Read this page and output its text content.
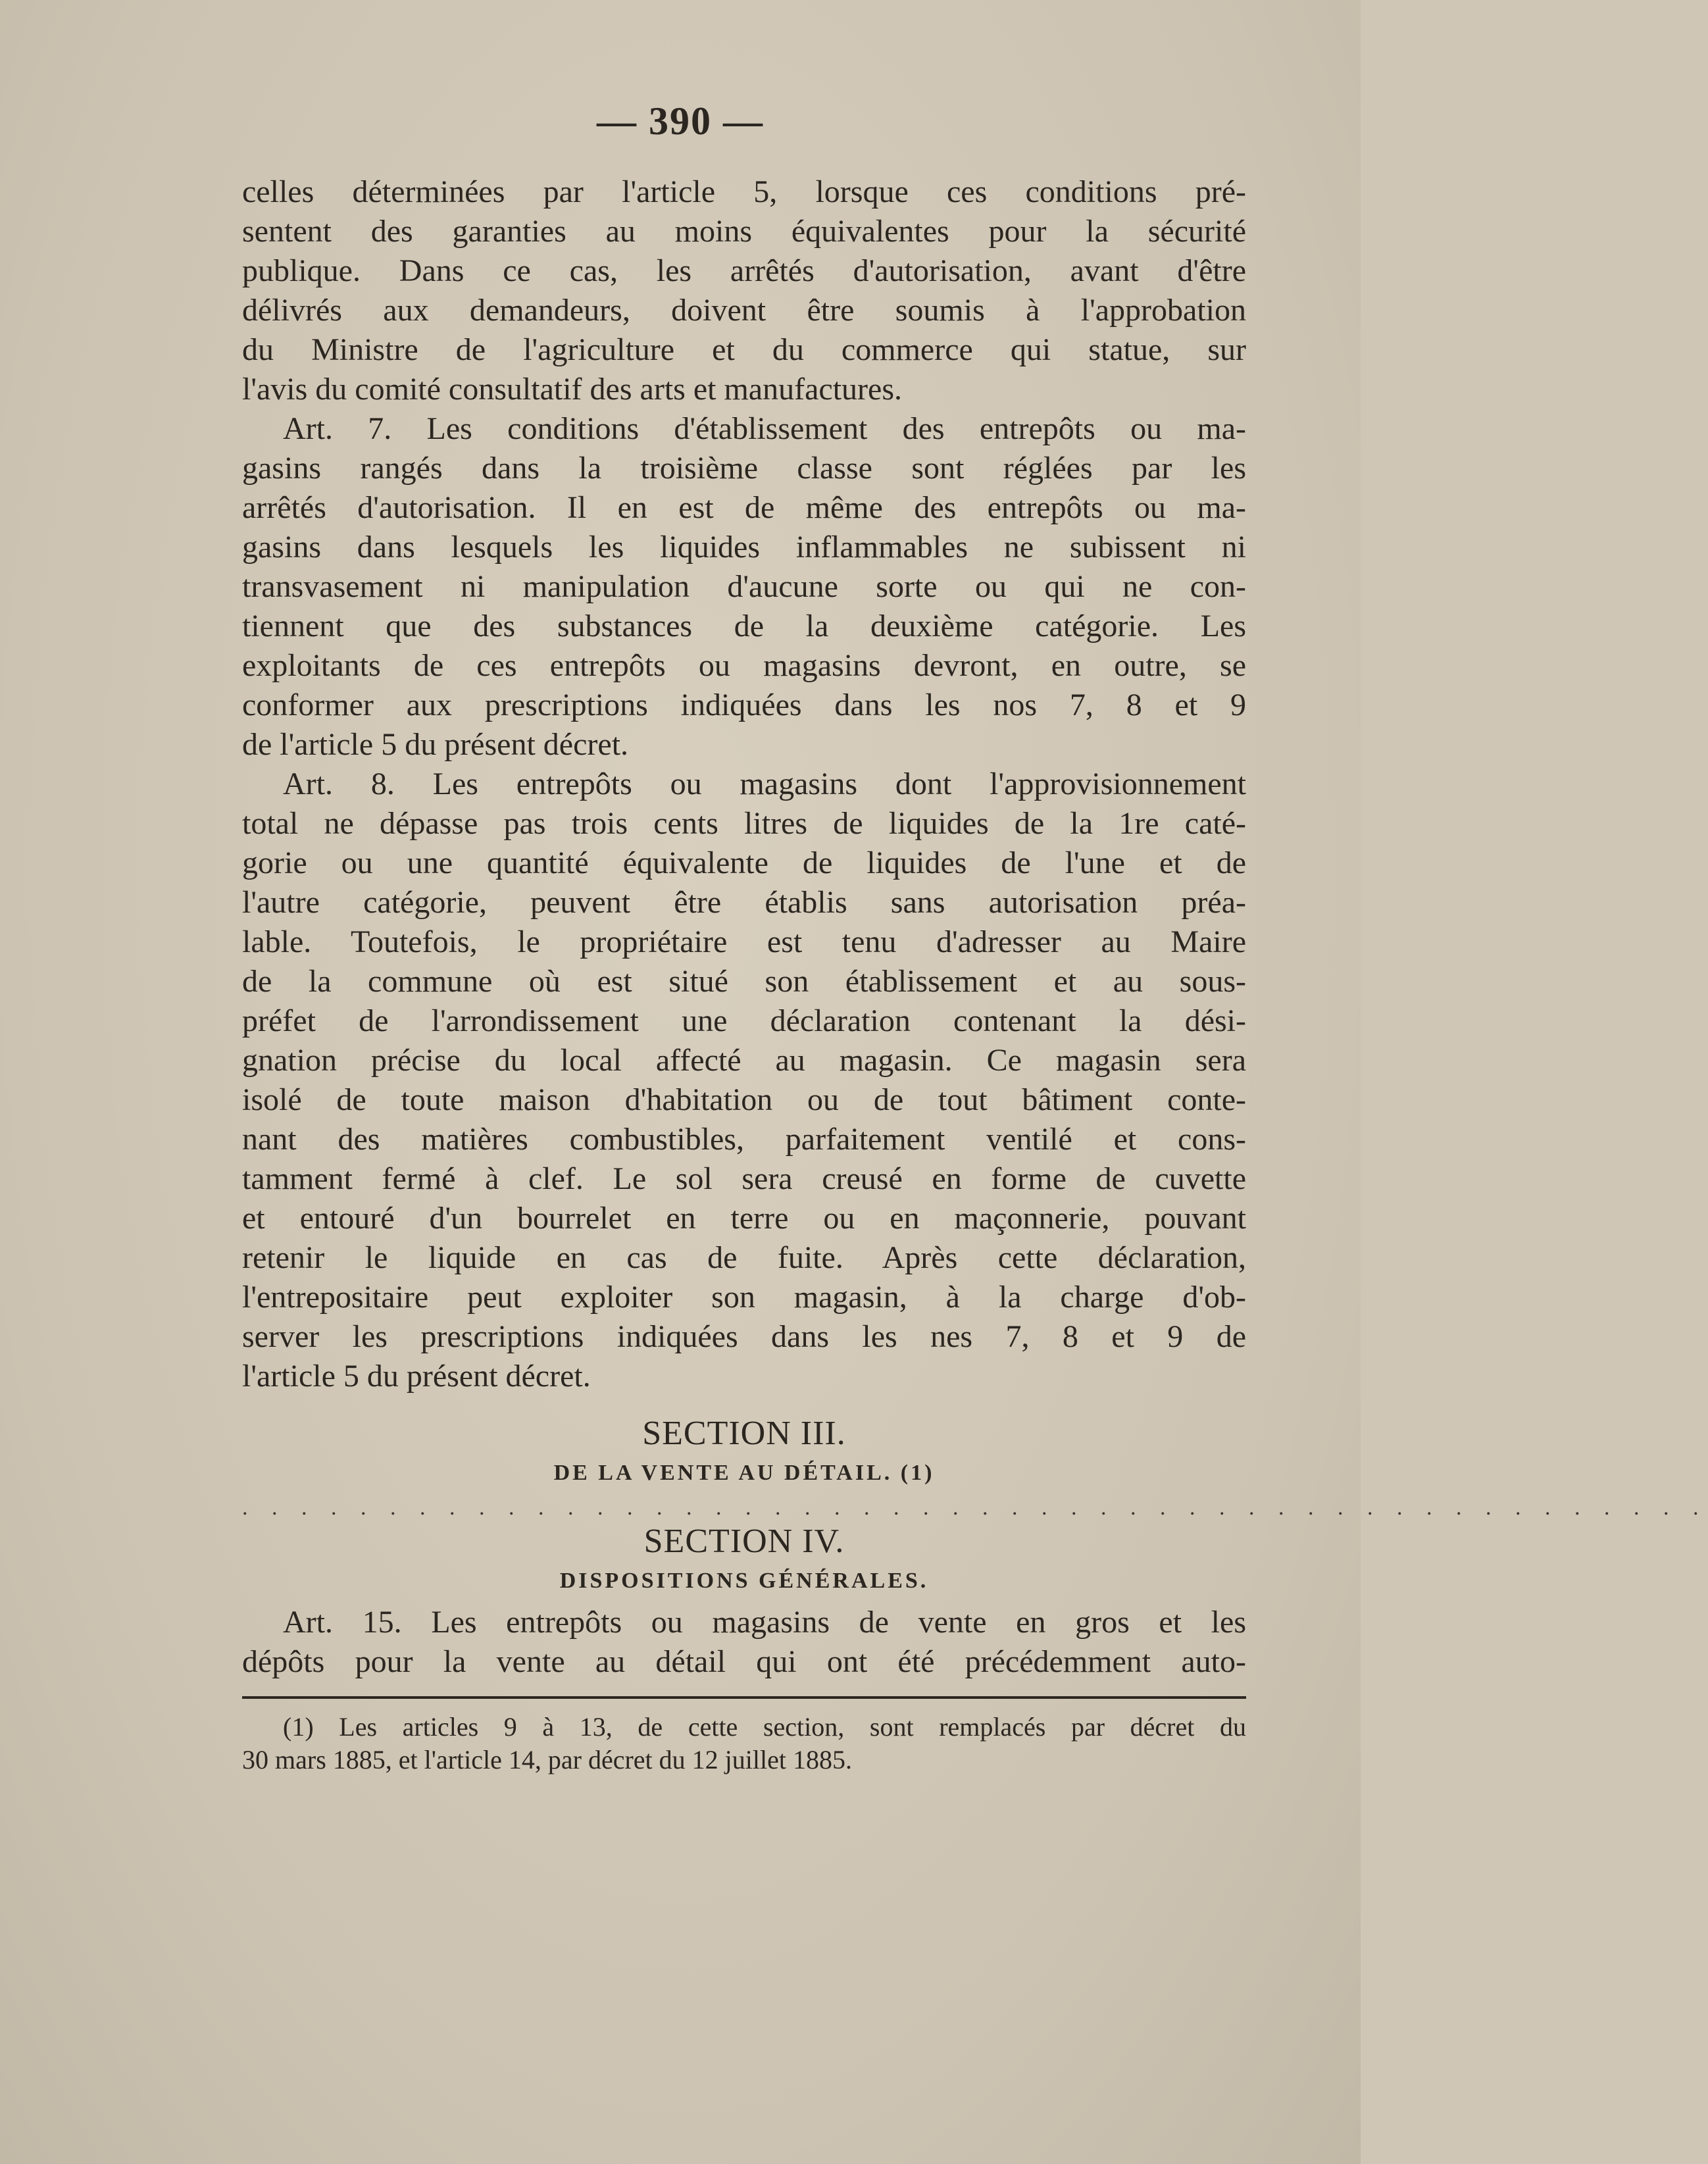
— 390 —
celles déterminées par l'article 5, lorsque ces conditions pré-
sentent des garanties au moins équivalentes pour la sécurité
publique. Dans ce cas, les arrêtés d'autorisation, avant d'être
délivrés aux demandeurs, doivent être soumis à l'approbation
du Ministre de l'agriculture et du commerce qui statue, sur
l'avis du comité consultatif des arts et manufactures.
Art. 7. Les conditions d'établissement des entrepôts ou ma-
gasins rangés dans la troisième classe sont réglées par les
arrêtés d'autorisation. Il en est de même des entrepôts ou ma-
gasins dans lesquels les liquides inflammables ne subissent ni
transvasement ni manipulation d'aucune sorte ou qui ne con-
tiennent que des substances de la deuxième catégorie. Les
exploitants de ces entrepôts ou magasins devront, en outre, se
conformer aux prescriptions indiquées dans les nos 7, 8 et 9
de l'article 5 du présent décret.
Art. 8. Les entrepôts ou magasins dont l'approvisionnement
total ne dépasse pas trois cents litres de liquides de la 1re caté-
gorie ou une quantité équivalente de liquides de l'une et de
l'autre catégorie, peuvent être établis sans autorisation préa-
lable. Toutefois, le propriétaire est tenu d'adresser au Maire
de la commune où est situé son établissement et au sous-
préfet de l'arrondissement une déclaration contenant la dési-
gnation précise du local affecté au magasin. Ce magasin sera
isolé de toute maison d'habitation ou de tout bâtiment conte-
nant des matières combustibles, parfaitement ventilé et cons-
tamment fermé à clef. Le sol sera creusé en forme de cuvette
et entouré d'un bourrelet en terre ou en maçonnerie, pouvant
retenir le liquide en cas de fuite. Après cette déclaration,
l'entrepositaire peut exploiter son magasin, à la charge d'ob-
server les prescriptions indiquées dans les nes 7, 8 et 9 de
l'article 5 du présent décret.
SECTION III.
DE LA VENTE AU DÉTAIL. (1)
. . . . . . . . . . . . . . . . . . . . . . . . . . . . . . . . . . . . . . . . . . . . . . . . . .
SECTION IV.
DISPOSITIONS GÉNÉRALES.
Art. 15. Les entrepôts ou magasins de vente en gros et les
dépôts pour la vente au détail qui ont été précédemment auto-
(1) Les articles 9 à 13, de cette section, sont remplacés par décret du
30 mars 1885, et l'article 14, par décret du 12 juillet 1885.
